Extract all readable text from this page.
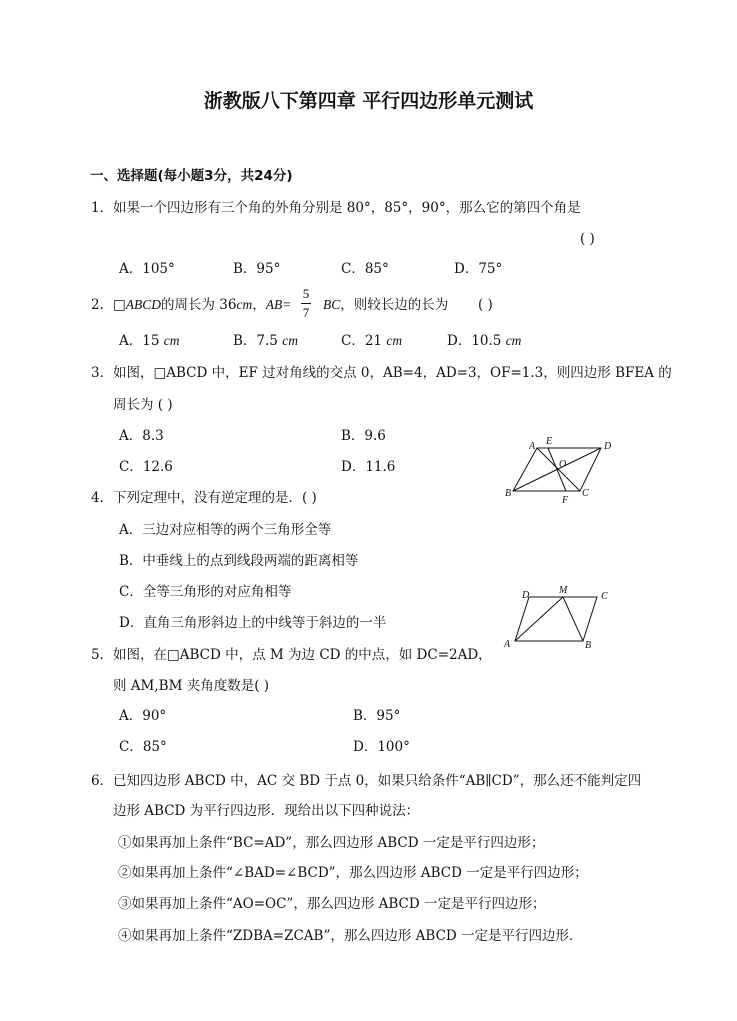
浙教版八下第四章 平行四边形单元测试
一、选择题(每小题3分，共24分)
1． 如果一个四边形有三个角的外角分别是 80°，85°，90°，那么它的第四个角是
( )
A．105°	B．95°	C．85°	D．75°
2． □ABCD的周长为 36cm，AB=
5
7
BC，则较长边的长为 ( )
A．15 cm	B．7.5 cm	C．21 cm	D．10.5 cm
3． 如图，□ABCD 中，EF 过对角线的交点 0，AB=4，AD=3，OF=1.3，则四边形 BFEA 的
周长为 ( )
A．8.3	B．9.6
C．12.6	D．11.6
A E	D
O
B
F
C
4． 下列定理中，没有逆定理的是．( )
A．三边对应相等的两个三角形全等
B．中垂线上的点到线段两端的距离相等
C．全等三角形的对应角相等
D．直角三角形斜边上的中线等于斜边的一半
D	M
C
A	B
5． 如图，在□ABCD 中，点 M 为边 CD 的中点，如 DC=2AD，
则 AM,BM 夹角度数是( )
A．90°	B．95°
C．85°	D．100°
6． 已知四边形 ABCD 中，AC 交 BD 于点 0，如果只给条件“AB∥CD”，那么还不能判定四
边形 ABCD 为平行四边形．现给出以下四种说法：
①如果再加上条件“BC=AD”，那么四边形 ABCD 一定是平行四边形；
②如果再加上条件“∠BAD=∠BCD”，那么四边形 ABCD 一定是平行四边形；
③如果再加上条件“AO=OC”，那么四边形 ABCD 一定是平行四边形；
④如果再加上条件“ZDBA=ZCAB”，那么四边形 ABCD 一定是平行四边形．
